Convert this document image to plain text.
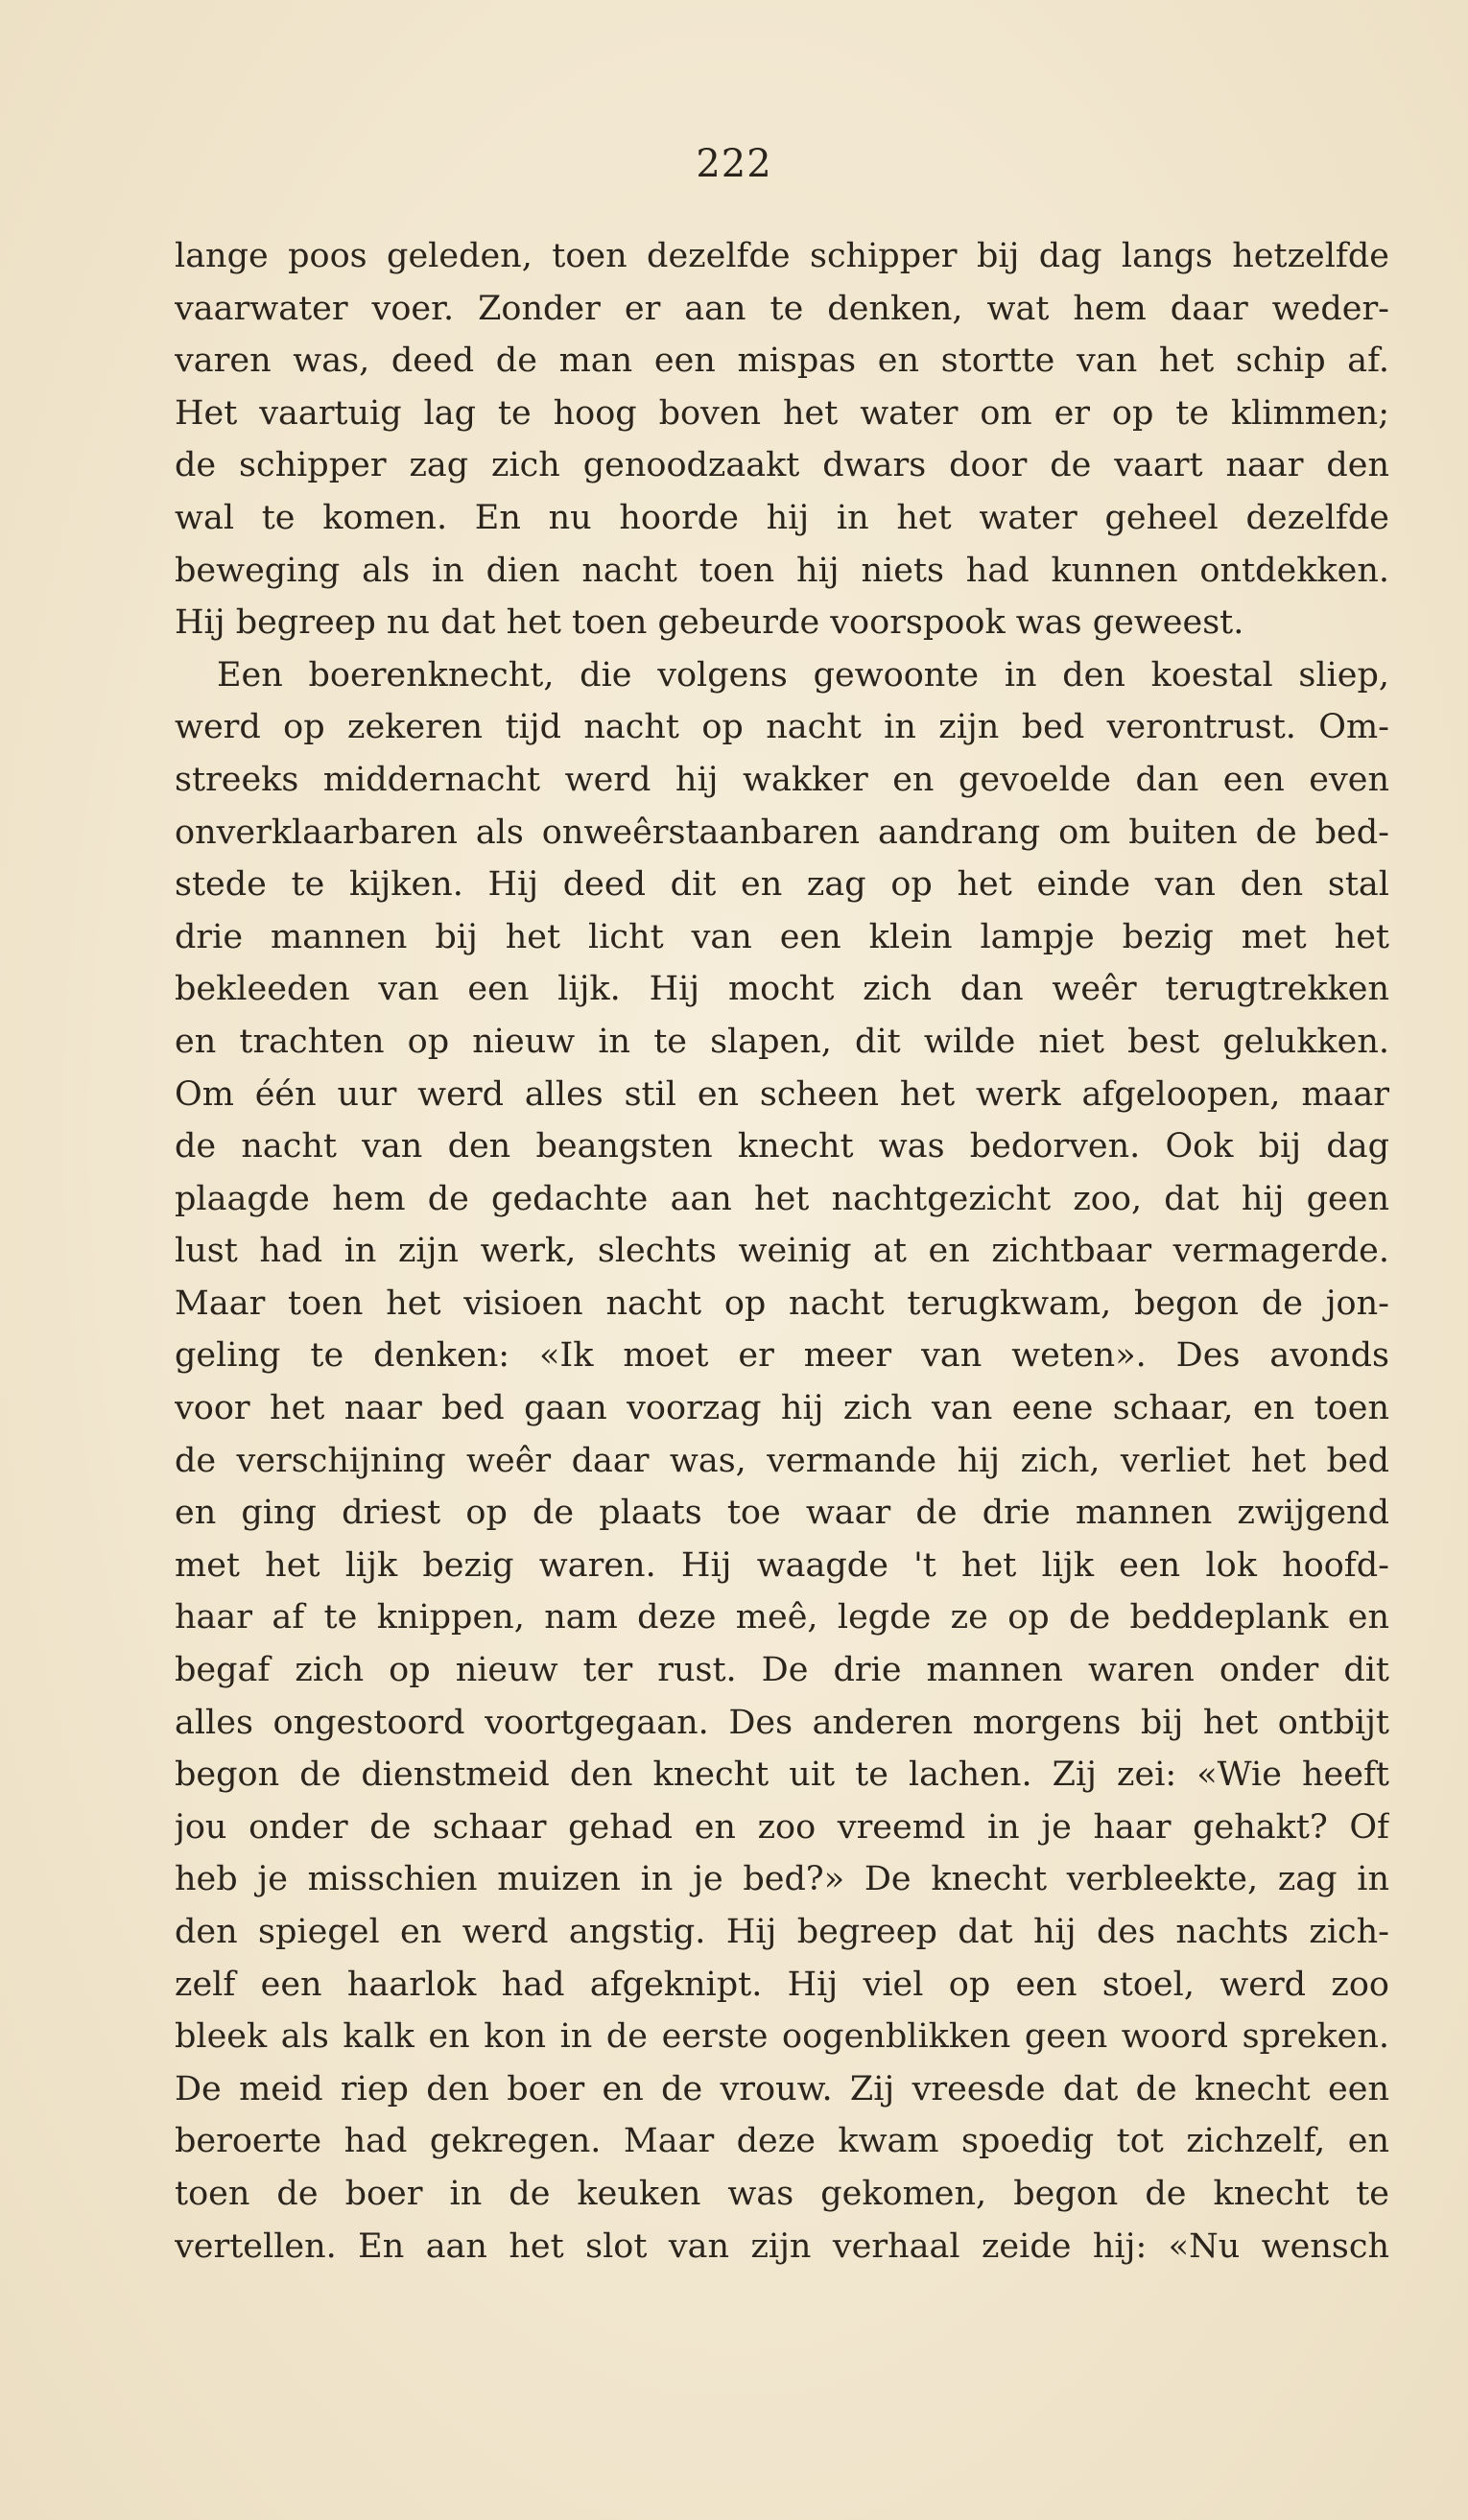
222
lange poos geleden, toen dezelfde schipper bij dag langs hetzelfde
vaarwater voer. Zonder er aan te denken, wat hem daar weder-
varen was, deed de man een mispas en stortte van het schip af.
Het vaartuig lag te hoog boven het water om er op te klimmen;
de schipper zag zich genoodzaakt dwars door de vaart naar den
wal te komen. En nu hoorde hij in het water geheel dezelfde
beweging als in dien nacht toen hij niets had kunnen ontdekken.
Hij begreep nu dat het toen gebeurde voorspook was geweest.
Een boerenknecht, die volgens gewoonte in den koestal sliep,
werd op zekeren tijd nacht op nacht in zijn bed verontrust. Om-
streeks middernacht werd hij wakker en gevoelde dan een even
onverklaarbaren als onweêrstaanbaren aandrang om buiten de bed-
stede te kijken. Hij deed dit en zag op het einde van den stal
drie mannen bij het licht van een klein lampje bezig met het
bekleeden van een lijk. Hij mocht zich dan weêr terugtrekken
en trachten op nieuw in te slapen, dit wilde niet best gelukken.
Om één uur werd alles stil en scheen het werk afgeloopen, maar
de nacht van den beangsten knecht was bedorven. Ook bij dag
plaagde hem de gedachte aan het nachtgezicht zoo, dat hij geen
lust had in zijn werk, slechts weinig at en zichtbaar vermagerde.
Maar toen het visioen nacht op nacht terugkwam, begon de jon-
geling te denken: «Ik moet er meer van weten». Des avonds
voor het naar bed gaan voorzag hij zich van eene schaar, en toen
de verschijning weêr daar was, vermande hij zich, verliet het bed
en ging driest op de plaats toe waar de drie mannen zwijgend
met het lijk bezig waren. Hij waagde 't het lijk een lok hoofd-
haar af te knippen, nam deze meê, legde ze op de beddeplank en
begaf zich op nieuw ter rust. De drie mannen waren onder dit
alles ongestoord voortgegaan. Des anderen morgens bij het ontbijt
begon de dienstmeid den knecht uit te lachen. Zij zei: «Wie heeft
jou onder de schaar gehad en zoo vreemd in je haar gehakt? Of
heb je misschien muizen in je bed?» De knecht verbleekte, zag in
den spiegel en werd angstig. Hij begreep dat hij des nachts zich-
zelf een haarlok had afgeknipt. Hij viel op een stoel, werd zoo
bleek als kalk en kon in de eerste oogenblikken geen woord spreken.
De meid riep den boer en de vrouw. Zij vreesde dat de knecht een
beroerte had gekregen. Maar deze kwam spoedig tot zichzelf, en
toen de boer in de keuken was gekomen, begon de knecht te
vertellen. En aan het slot van zijn verhaal zeide hij: «Nu wensch
